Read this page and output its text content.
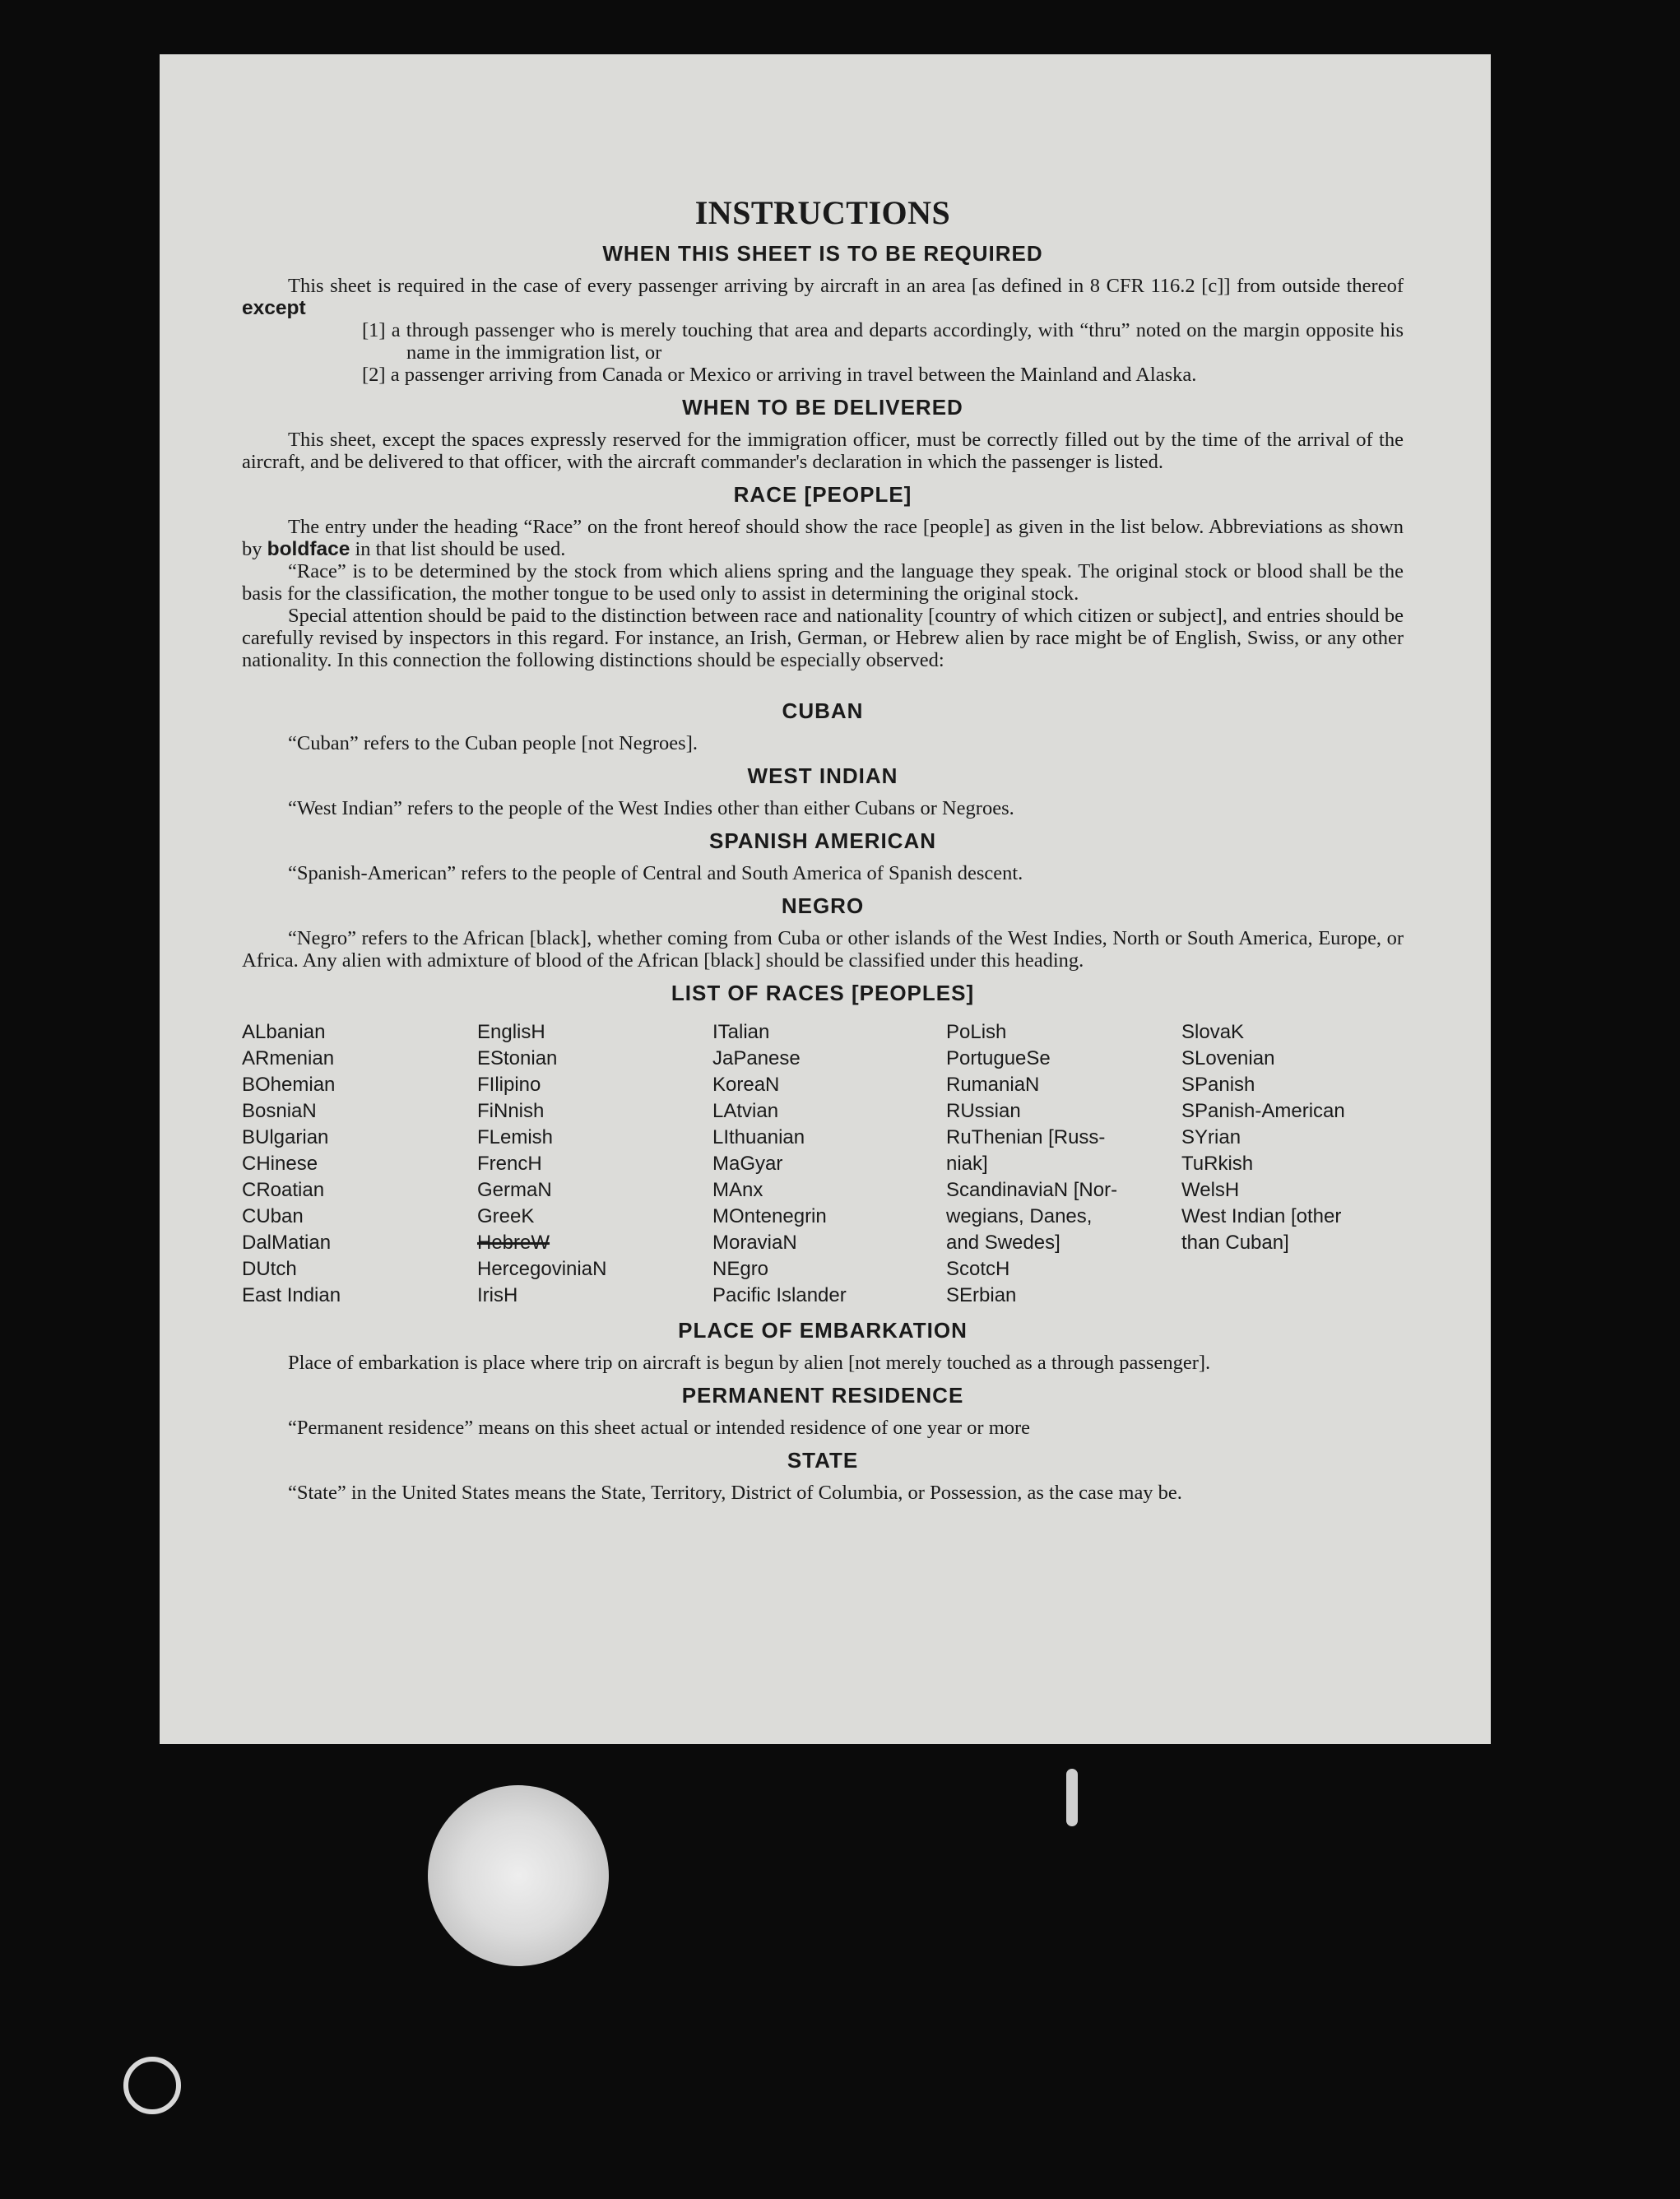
INSTRUCTIONS
WHEN THIS SHEET IS TO BE REQUIRED

This sheet is required in the case of every passenger arriving by aircraft in an area [as defined in 8 CFR 116.2 [c]] from outside thereof except

[1] a through passenger who is merely touching that area and departs accordingly, with “thru” noted on the margin opposite his name in the immigration list, or

[2] a passenger arriving from Canada or Mexico or arriving in travel between the Mainland and Alaska.

WHEN TO BE DELIVERED

This sheet, except the spaces expressly reserved for the immigration officer, must be correctly filled out by the time of the arrival of the aircraft, and be delivered to that officer, with the aircraft commander's declaration in which the passenger is listed.

RACE [PEOPLE]

The entry under the heading “Race” on the front hereof should show the race [people] as given in the list below. Abbreviations as shown by boldface in that list should be used.

“Race” is to be determined by the stock from which aliens spring and the language they speak. The original stock or blood shall be the basis for the classification, the mother tongue to be used only to assist in determining the original stock.

Special attention should be paid to the distinction between race and nationality [country of which citizen or subject], and entries should be carefully revised by inspectors in this regard. For instance, an Irish, German, or Hebrew alien by race might be of English, Swiss, or any other nationality. In this connection the following distinctions should be especially observed:

CUBAN

“Cuban” refers to the Cuban people [not Negroes].

WEST INDIAN

“West Indian” refers to the people of the West Indies other than either Cubans or Negroes.

SPANISH AMERICAN

“Spanish-American” refers to the people of Central and South America of Spanish descent.

NEGRO

“Negro” refers to the African [black], whether coming from Cuba or other islands of the West Indies, North or South America, Europe, or Africa. Any alien with admixture of blood of the African [black] should be classified under this heading.

LIST OF RACES [PEOPLES]
ALbanian
ARmenian
BOhemian
BosniaN
BUlgarian
CHinese
CRoatian
CUban
DalMatian
DUtch
East Indian
EnglisH
EStonian
FIlipino
FiNnish
FLemish
FrencH
GermaN
GreeK
HebreW
HercegoviniaN
IrisH
ITalian
JaPanese
KoreaN
LAtvian
LIthuanian
MaGyar
MAnx
MOntenegrin
MoraviaN
NEgro
Pacific Islander
PoLish
PortugueSe
RumaniaN
RUssian
RuThenian [Russ-
niak]
ScandinaviaN [Nor-
wegians, Danes,
and Swedes]
ScotcH
SErbian
SlovaK
SLovenian
SPanish
SPanish-American
SYrian
TuRkish
WelsH
West Indian [other
than Cuban]
PLACE OF EMBARKATION

Place of embarkation is place where trip on aircraft is begun by alien [not merely touched as a through passenger].

PERMANENT RESIDENCE

“Permanent residence” means on this sheet actual or intended residence of one year or more

STATE

“State” in the United States means the State, Territory, District of Columbia, or Possession, as the case may be.
